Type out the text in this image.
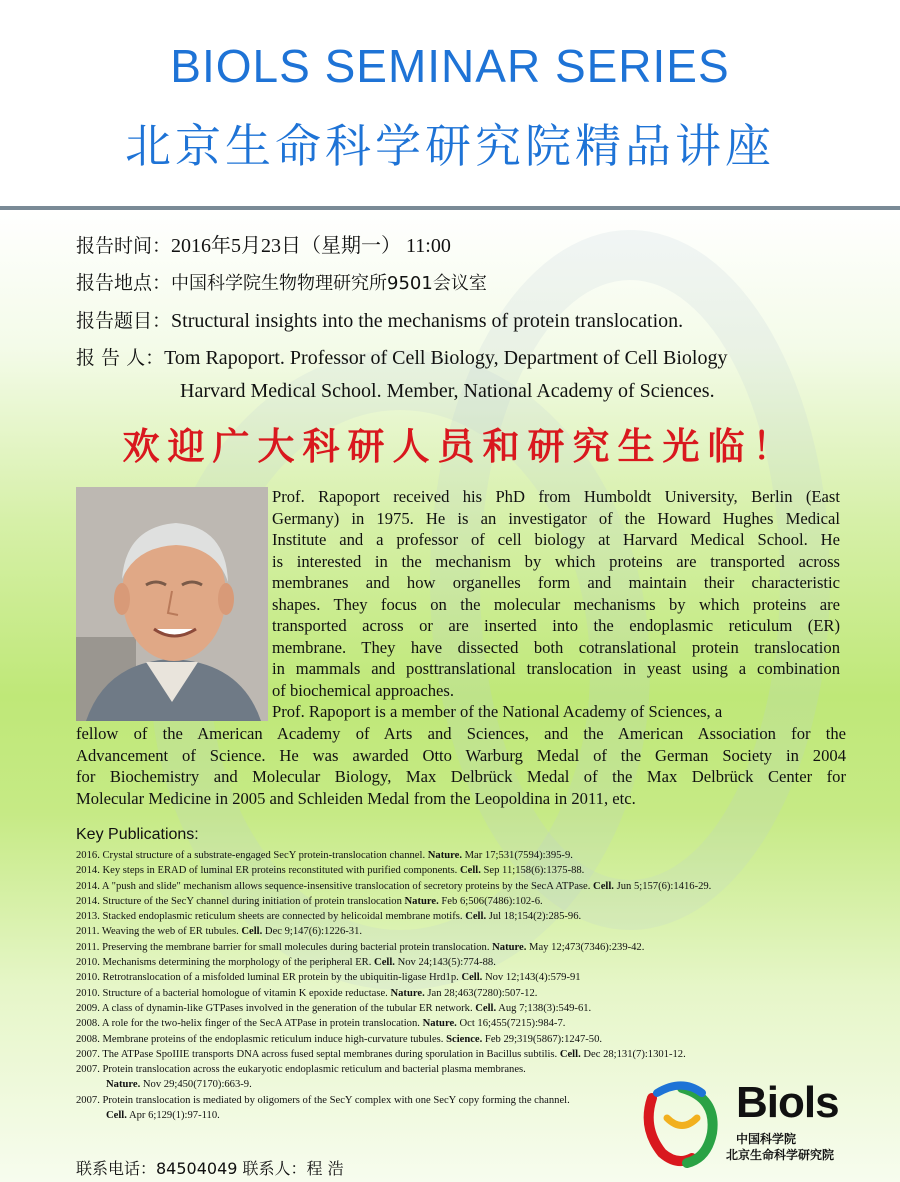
BIOLS SEMINAR SERIES
北京生命科学研究院精品讲座
报告时间：2016年5月23日（星期一） 11:00
报告地点：中国科学院生物物理研究所9501会议室
报告题目：Structural insights into the mechanisms of protein translocation.
报 告 人：Tom Rapoport. Professor of Cell Biology, Department of Cell Biology
Harvard Medical School. Member, National Academy of Sciences.
欢迎广大科研人员和研究生光临！
Prof. Rapoport received his PhD from Humboldt University, Berlin (East
Germany) in 1975. He is an investigator of the Howard Hughes Medical
Institute and a professor of cell biology at Harvard Medical School. He
is interested in the mechanism by which proteins are transported across
membranes and how organelles form and maintain their characteristic
shapes. They focus on the molecular mechanisms by which proteins are
transported across or are inserted into the endoplasmic reticulum (ER)
membrane. They have dissected both cotranslational protein translocation
in mammals and posttranslational translocation in yeast using a combination
of biochemical approaches.
Prof. Rapoport is a member of the National Academy of Sciences, a
fellow of the American Academy of Arts and Sciences, and the American Association for the
Advancement of Science. He was awarded Otto Warburg Medal of the German Society in 2004
for Biochemistry and Molecular Biology, Max Delbrück Medal of the Max Delbrück Center for
Molecular Medicine in 2005 and Schleiden Medal from the Leopoldina in 2011, etc.
Key Publications:
2016. Crystal structure of a substrate-engaged SecY protein-translocation channel. Nature. Mar 17;531(7594):395-9.
2014. Key steps in ERAD of luminal ER proteins reconstituted with purified components. Cell. Sep 11;158(6):1375-88.
2014. A "push and slide" mechanism allows sequence-insensitive translocation of secretory proteins by the SecA ATPase. Cell. Jun 5;157(6):1416-29.
2014. Structure of the SecY channel during initiation of protein translocation Nature. Feb 6;506(7486):102-6.
2013. Stacked endoplasmic reticulum sheets are connected by helicoidal membrane motifs. Cell. Jul 18;154(2):285-96.
2011. Weaving the web of ER tubules. Cell. Dec 9;147(6):1226-31.
2011. Preserving the membrane barrier for small molecules during bacterial protein translocation. Nature. May 12;473(7346):239-42.
2010. Mechanisms determining the morphology of the peripheral ER. Cell. Nov 24;143(5):774-88.
2010. Retrotranslocation of a misfolded luminal ER protein by the ubiquitin-ligase Hrd1p. Cell. Nov 12;143(4):579-91
2010. Structure of a bacterial homologue of vitamin K epoxide reductase. Nature. Jan 28;463(7280):507-12.
2009. A class of dynamin-like GTPases involved in the generation of the tubular ER network. Cell. Aug 7;138(3):549-61.
2008. A role for the two-helix finger of the SecA ATPase in protein translocation. Nature. Oct 16;455(7215):984-7.
2008. Membrane proteins of the endoplasmic reticulum induce high-curvature tubules. Science. Feb 29;319(5867):1247-50.
2007. The ATPase SpoIIIE transports DNA across fused septal membranes during sporulation in Bacillus subtilis. Cell. Dec 28;131(7):1301-12.
2007. Protein translocation across the eukaryotic endoplasmic reticulum and bacterial plasma membranes.
Nature. Nov 29;450(7170):663-9.
2007. Protein translocation is mediated by oligomers of the SecY complex with one SecY copy forming the channel.
Cell. Apr 6;129(1):97-110.
联系电话：84504049 联系人：程 浩
Biols
中国科学院
北京生命科学研究院
